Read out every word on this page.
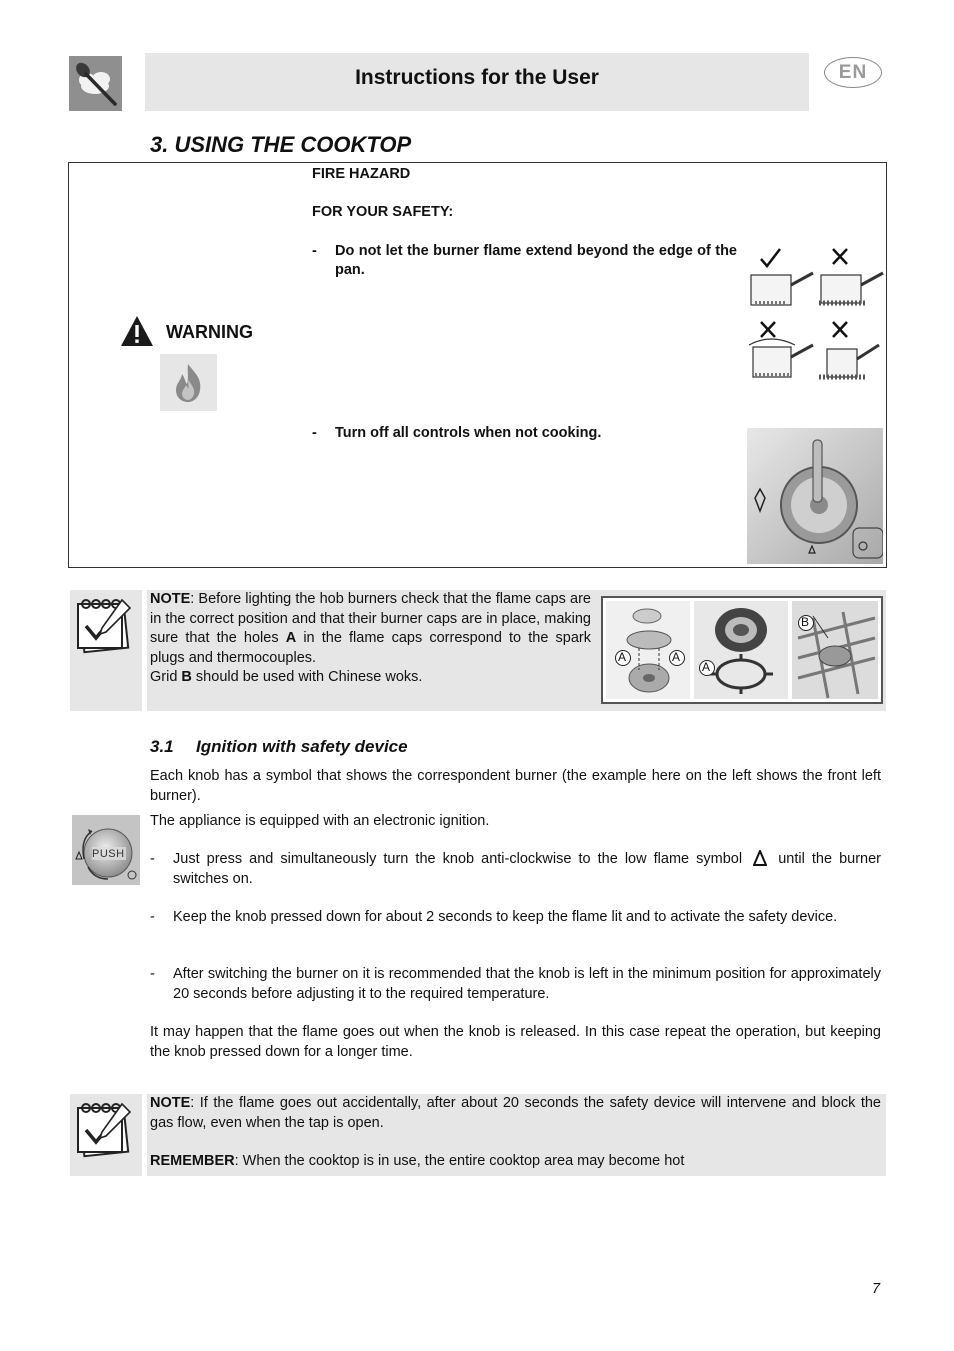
Instructions for the User	EN
3. USING THE COOKTOP
WARNING
FIRE HAZARD
FOR YOUR SAFETY:
-	Do not let the burner flame extend beyond the edge of the pan.
-	Turn off all controls when not cooking.
NOTE: Before lighting the hob burners check that the flame caps are in the correct position and that their burner caps are in place, making sure that the holes A in the flame caps correspond to the spark plugs and thermocouples.
Grid B should be used with Chinese woks.
A	A
A
B
3.1 Ignition with safety device
Each knob has a symbol that shows the correspondent burner (the example here on the left shows the front left burner).
PUSH
The appliance is equipped with an electronic ignition.
-	Just press and simultaneously turn the knob anti-clockwise to the low flame symbol until the burner switches on.
-	Keep the knob pressed down for about 2 seconds to keep the flame lit and to activate the safety device.
-	After switching the burner on it is recommended that the knob is left in the minimum position for approximately 20 seconds before adjusting it to the required temperature.
It may happen that the flame goes out when the knob is released. In this case repeat the operation, but keeping the knob pressed down for a longer time.
NOTE: If the flame goes out accidentally, after about 20 seconds the safety device will intervene and block the gas flow, even when the tap is open.
REMEMBER: When the cooktop is in use, the entire cooktop area may become hot
7
